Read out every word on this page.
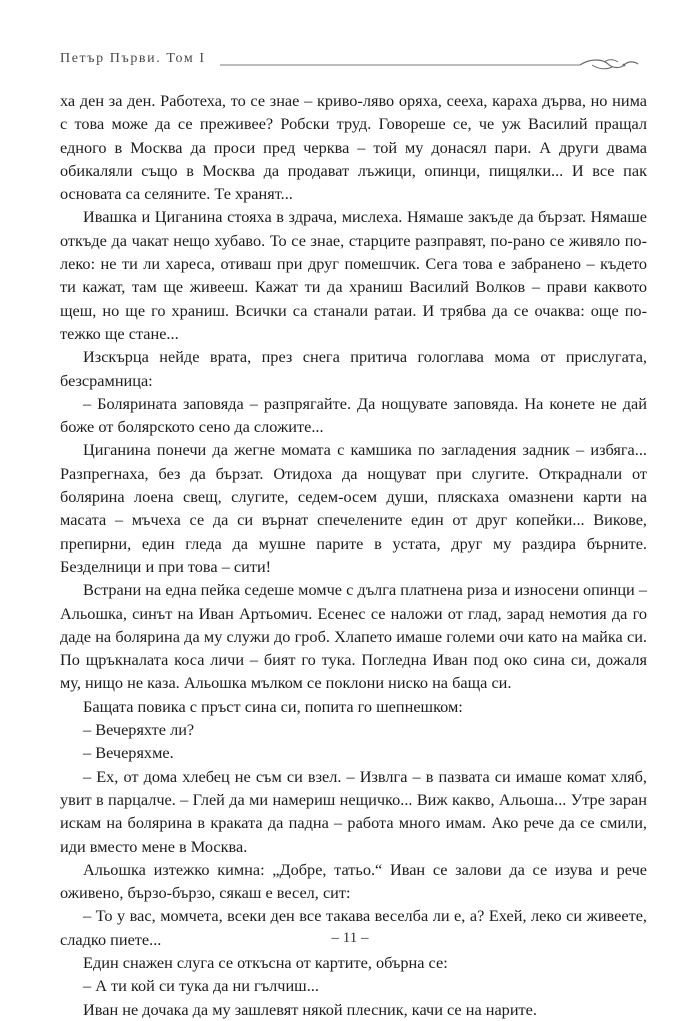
Петър Първи. Том I

ха ден за ден. Работеха, то се знае – криво-ляво оряха, сееха, караха дърва, но нима с това може да се преживее? Робски труд. Говореше се, че уж Василий пращал едного в Москва да проси пред черква – той му донасял пари. А други двама обикаляли също в Москва да продават лъжици, опинци, пищялки... И все пак основата са селяните. Те хранят...

Ивашка и Циганина стояха в здрача, мислеха. Нямаше закъде да бързат. Нямаше откъде да чакат нещо хубаво. То се знае, старците разправят, по-рано се живяло по-леко: не ти ли харесa, отиваш при друг помешчик. Сега това е забранено – където ти кажат, там ще живееш. Кажат ти да храниш Василий Волков – прави каквото щеш, но ще го храниш. Всички са станали ратаи. И трябва да се очаква: още по-тежко ще стане...

Изскърца нейде врата, през снега притича гологлава мома от прислугата, безсрамница:

– Болярината заповядa – разпрягайте. Да нощувате заповяда. На конете не дай боже от болярското сено да сложите...

Циганина понечи да жегне момата с камшика по заглaдения задник – избяга... Разпрегнаха, без да бързат. Отидоха да нощуват при слугите. Откраднали от болярина лоена свещ, слугите, седем-осем души, пляскаха омазнени карти на масата – мъчеха се да си върнат спечелените един от друг копейки... Викове, препирни, един гледа да мушне парите в устата, друг му раздира бърните. Безделници и при това – сити!

Встрани на една пейка седеше момче с дълга платнена риза и износени опинци – Альошка, синът на Иван Артьомич. Есенес се наложи от глад, зарад немотия да го даде на болярина да му служи до гроб. Хлапето имаше големи очи като на майка си. По щръкналата коса личи – бият го тука. Погледна Иван под око сина си, дожаля му, нищо не каза. Альошка мълком се поклони ниско на баща си.

Бащата повика с пръст сина си, попита го шепнешком:

– Вечеряхте ли?

– Вечеряхме.

– Ех, от дома хлебец не съм си взел. – Извлга – в пазвата си имаше комат хляб, увит в парцалче. – Глей да ми намериш нещичко... Виж какво, Альоша... Утре заран искам на болярина в краката да падна – работа много имам. Ако рече да се смили, иди вместо мене в Москва.

Альошка изтежко кимна: „Добре, татьо.“ Иван се залови да се изува и рече оживено, бързо-бързо, сякаш е весел, сит:

– То у вас, момчета, всеки ден все такава веселба ли е, а? Ехей, леко си живеете, сладко пиете...

Един снажен слуга се откъсна от картите, обърна се:

– А ти кой си тука да ни гълчиш...

Иван не дочака да му зашлевят някой плесник, качи се на нарите.

– 11 –
